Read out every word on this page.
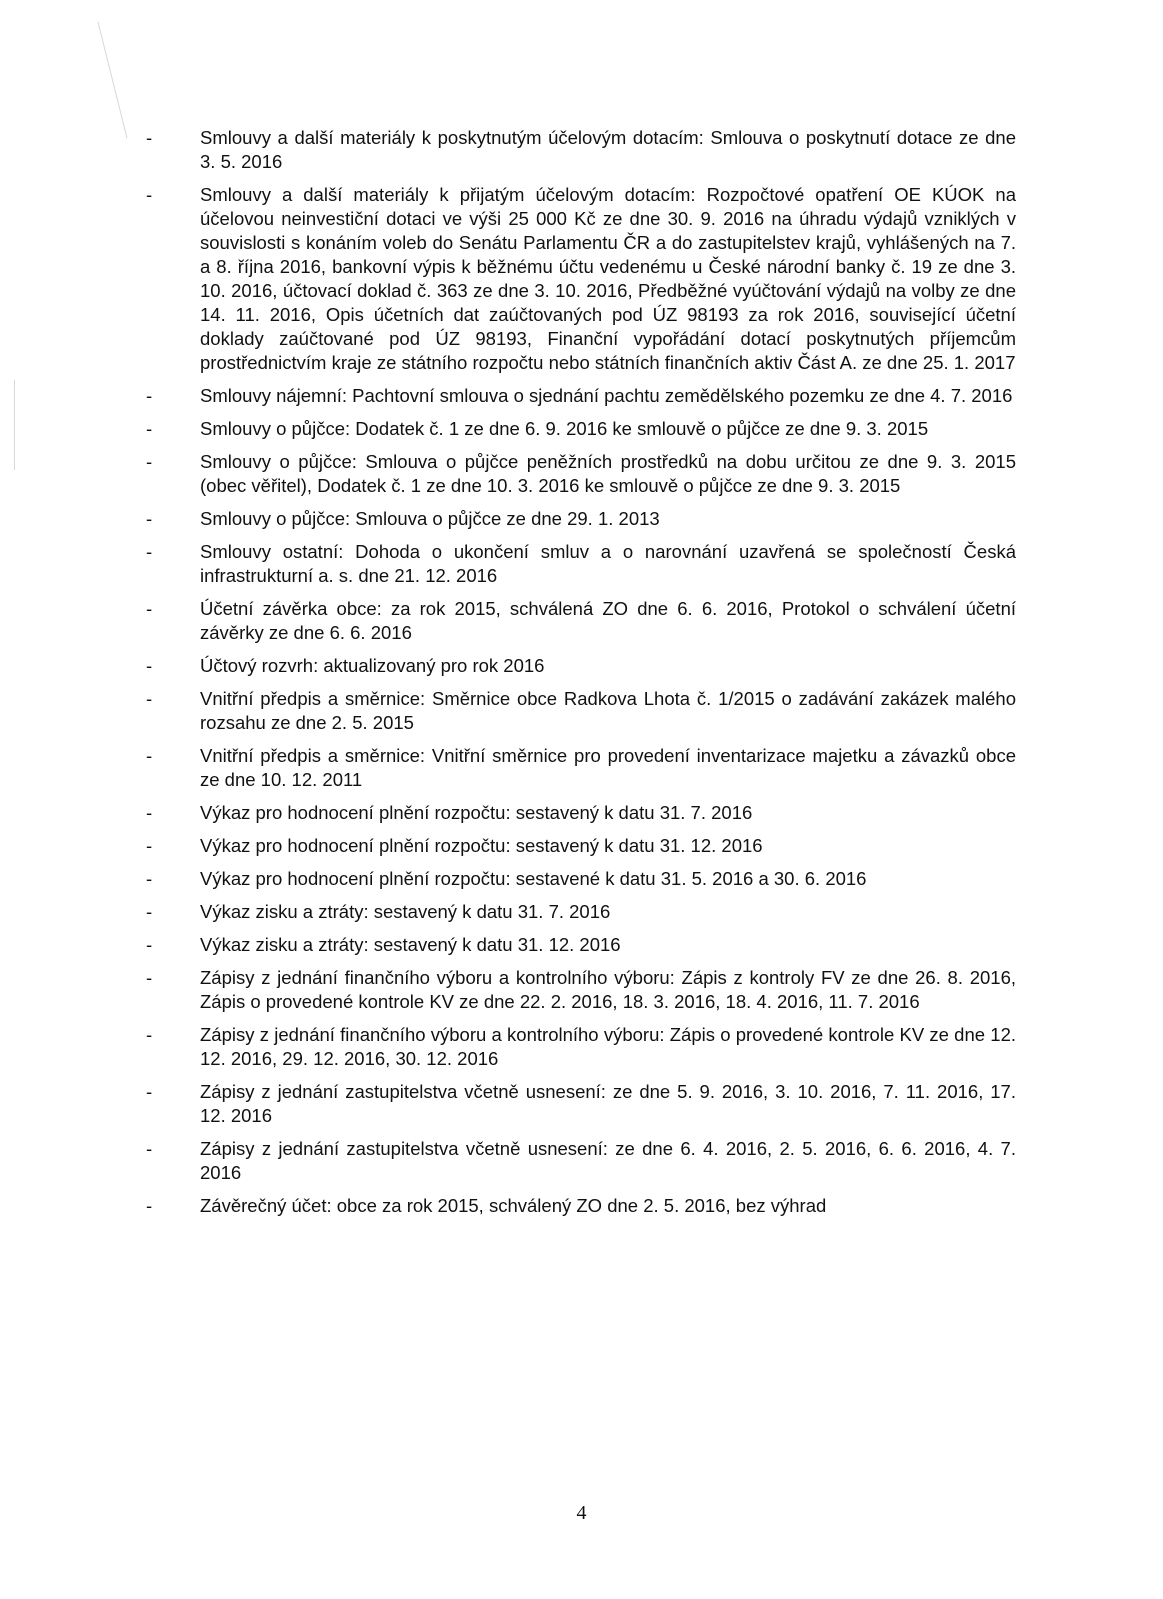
-	Smlouvy a další materiály k poskytnutým účelovým dotacím: Smlouva o poskytnutí dotace ze dne 3. 5. 2016
-	Smlouvy a další materiály k přijatým účelovým dotacím: Rozpočtové opatření OE KÚOK na účelovou neinvestiční dotaci ve výši 25 000 Kč ze dne 30. 9. 2016 na úhradu výdajů vzniklých v souvislosti s konáním voleb do Senátu Parlamentu ČR a do zastupitelstev krajů, vyhlášených na 7. a 8. října 2016, bankovní výpis k běžnému účtu vedenému u České národní banky č. 19 ze dne 3. 10. 2016, účtovací doklad č. 363 ze dne 3. 10. 2016, Předběžné vyúčtování výdajů na volby ze dne 14. 11. 2016, Opis účetních dat zaúčtovaných pod ÚZ 98193 za rok 2016, související účetní doklady zaúčtované pod ÚZ 98193, Finanční vypořádání dotací poskytnutých příjemcům prostřednictvím kraje ze státního rozpočtu nebo státních finančních aktiv Část A. ze dne 25. 1. 2017
-	Smlouvy nájemní: Pachtovní smlouva o sjednání pachtu zemědělského pozemku ze dne 4. 7. 2016
-	Smlouvy o půjčce: Dodatek č. 1 ze dne 6. 9. 2016 ke smlouvě o půjčce ze dne 9. 3. 2015
-	Smlouvy o půjčce: Smlouva o půjčce peněžních prostředků na dobu určitou ze dne 9. 3. 2015 (obec věřitel), Dodatek č. 1 ze dne 10. 3. 2016 ke smlouvě o půjčce ze dne 9. 3. 2015
-	Smlouvy o půjčce: Smlouva o půjčce ze dne 29. 1. 2013
-	Smlouvy ostatní: Dohoda o ukončení smluv a o narovnání uzavřená se společností Česká infrastrukturní a. s. dne 21. 12. 2016
-	Účetní závěrka obce: za rok 2015, schválená ZO dne 6. 6. 2016, Protokol o schválení účetní závěrky ze dne 6. 6. 2016
-	Účtový rozvrh: aktualizovaný pro rok 2016
-	Vnitřní předpis a směrnice: Směrnice obce Radkova Lhota č. 1/2015 o zadávání zakázek malého rozsahu ze dne 2. 5. 2015
-	Vnitřní předpis a směrnice: Vnitřní směrnice pro provedení inventarizace majetku a závazků obce ze dne 10. 12. 2011
-	Výkaz pro hodnocení plnění rozpočtu: sestavený k datu 31. 7. 2016
-	Výkaz pro hodnocení plnění rozpočtu: sestavený k datu 31. 12. 2016
-	Výkaz pro hodnocení plnění rozpočtu: sestavené k datu 31. 5. 2016 a 30. 6. 2016
-	Výkaz zisku a ztráty: sestavený k datu 31. 7. 2016
-	Výkaz zisku a ztráty: sestavený k datu 31. 12. 2016
-	Zápisy z jednání finančního výboru a kontrolního výboru: Zápis z kontroly FV ze dne 26. 8. 2016, Zápis o provedené kontrole KV ze dne 22. 2. 2016, 18. 3. 2016, 18. 4. 2016, 11. 7. 2016
-	Zápisy z jednání finančního výboru a kontrolního výboru: Zápis o provedené kontrole KV ze dne 12. 12. 2016, 29. 12. 2016, 30. 12. 2016
-	Zápisy z jednání zastupitelstva včetně usnesení: ze dne 5. 9. 2016, 3. 10. 2016, 7. 11. 2016, 17. 12. 2016
-	Zápisy z jednání zastupitelstva včetně usnesení: ze dne 6. 4. 2016, 2. 5. 2016, 6. 6. 2016, 4. 7. 2016
-	Závěrečný účet: obce za rok 2015, schválený ZO dne 2. 5. 2016, bez výhrad
4
